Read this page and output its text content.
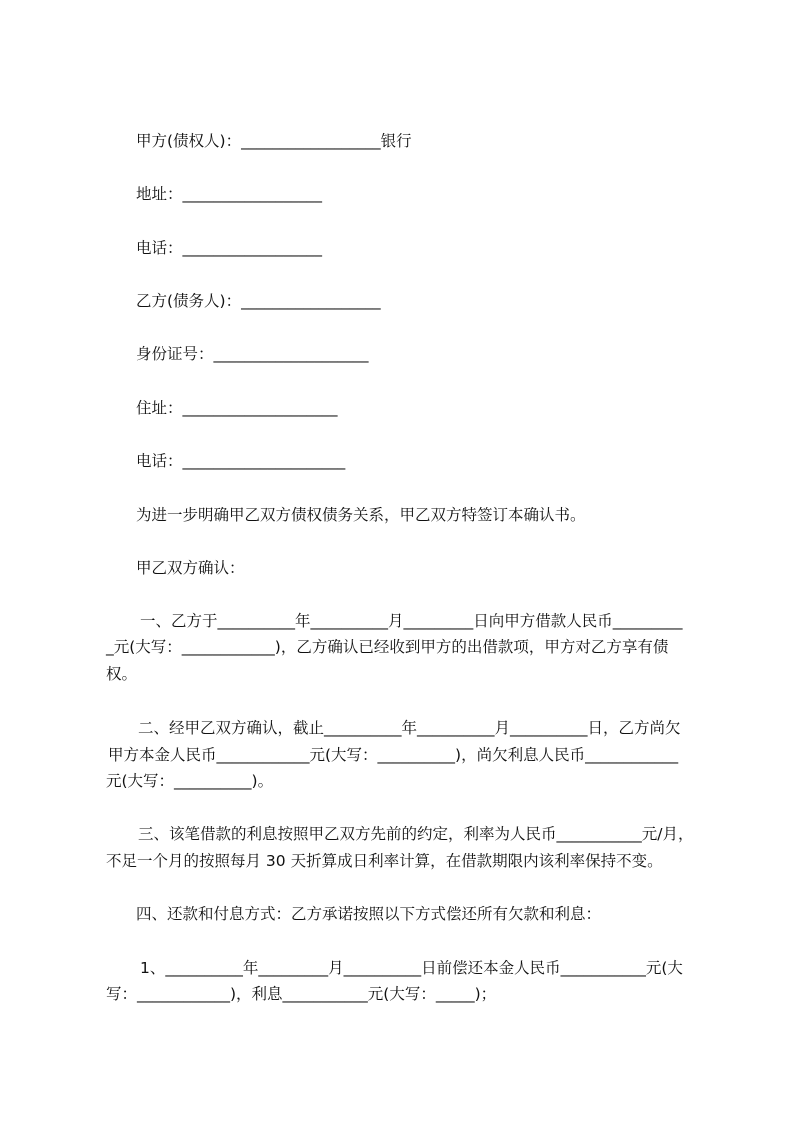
甲方(债权人)：__________________银行
地址：__________________
电话：__________________
乙方(债务人)：__________________
身份证号：____________________
住址：____________________
电话：_____________________
为进一步明确甲乙双方债权债务关系，甲乙双方特签订本确认书。
甲乙双方确认：
一、乙方于__________年__________月_________日向甲方借款人民币_________
_元(大写：____________)，乙方确认已经收到甲方的出借款项，甲方对乙方享有债
权。
二、经甲乙双方确认，截止__________年__________月__________日，乙方尚欠
甲方本金人民币____________元(大写：__________)，尚欠利息人民币____________
元(大写：__________)。
三、该笔借款的利息按照甲乙双方先前的约定，利率为人民币___________元/月，
不足一个月的按照每月 30 天折算成日利率计算，在借款期限内该利率保持不变。
四、还款和付息方式：乙方承诺按照以下方式偿还所有欠款和利息：
1、__________年_________月__________日前偿还本金人民币___________元(大
写：____________)，利息___________元(大写：_____)；
